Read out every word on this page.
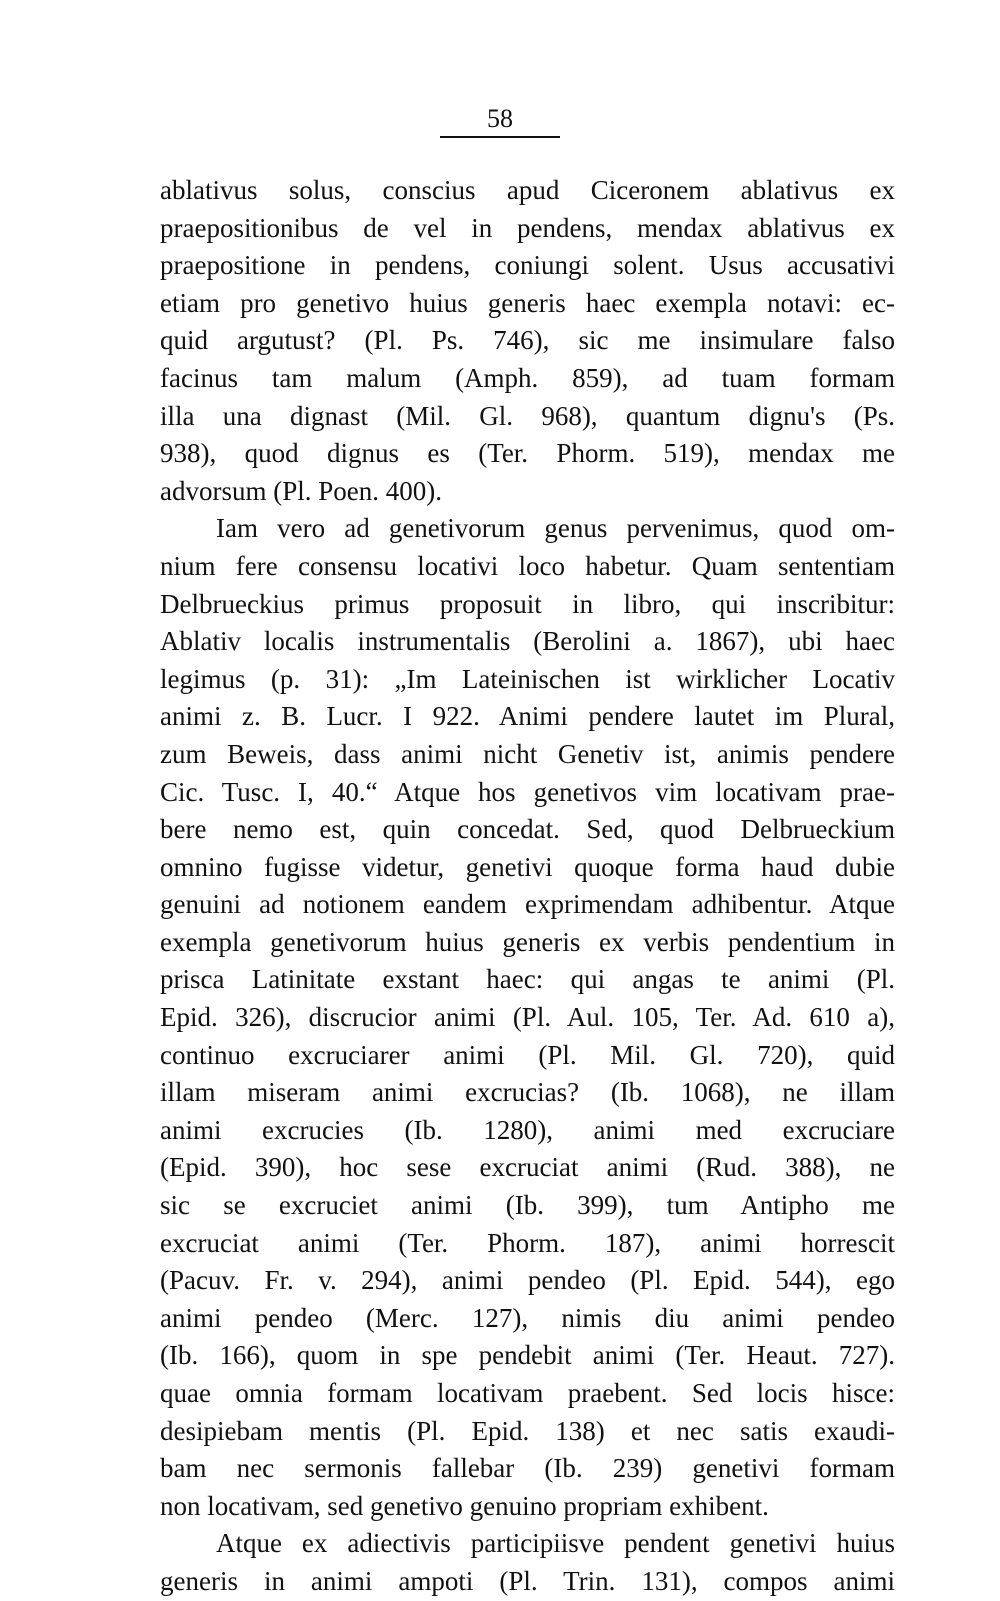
58
ablativus solus, conscius apud Ciceronem ablativus ex
praepositionibus de vel in pendens, mendax ablativus ex
praepositione in pendens, coniungi solent. Usus accusativi
etiam pro genetivo huius generis haec exempla notavi: ec-
quid argutust? (Pl. Ps. 746), sic me insimulare falso
facinus tam malum (Amph. 859), ad tuam formam
illa una dignast (Mil. Gl. 968), quantum dignu's (Ps.
938), quod dignus es (Ter. Phorm. 519), mendax me
advorsum (Pl. Poen. 400).
Iam vero ad genetivorum genus pervenimus, quod om-
nium fere consensu locativi loco habetur. Quam sententiam
Delbrueckius primus proposuit in libro, qui inscribitur:
Ablativ localis instrumentalis (Berolini a. 1867), ubi haec
legimus (p. 31): „Im Lateinischen ist wirklicher Locativ
animi z. B. Lucr. I 922. Animi pendere lautet im Plural,
zum Beweis, dass animi nicht Genetiv ist, animis pendere
Cic. Tusc. I, 40.“ Atque hos genetivos vim locativam prae-
bere nemo est, quin concedat. Sed, quod Delbrueckium
omnino fugisse videtur, genetivi quoque forma haud dubie
genuini ad notionem eandem exprimendam adhibentur. Atque
exempla genetivorum huius generis ex verbis pendentium in
prisca Latinitate exstant haec: qui angas te animi (Pl.
Epid. 326), discrucior animi (Pl. Aul. 105, Ter. Ad. 610 a),
continuo excruciarer animi (Pl. Mil. Gl. 720), quid
illam miseram animi excrucias? (Ib. 1068), ne illam
animi excrucies (Ib. 1280), animi med excruciare
(Epid. 390), hoc sese excruciat animi (Rud. 388), ne
sic se excruciet animi (Ib. 399), tum Antipho me
excruciat animi (Ter. Phorm. 187), animi horrescit
(Pacuv. Fr. v. 294), animi pendeo (Pl. Epid. 544), ego
animi pendeo (Merc. 127), nimis diu animi pendeo
(Ib. 166), quom in spe pendebit animi (Ter. Heaut. 727).
quae omnia formam locativam praebent. Sed locis hisce:
desipiebam mentis (Pl. Epid. 138) et nec satis exaudi-
bam nec sermonis fallebar (Ib. 239) genetivi formam
non locativam, sed genetivo genuino propriam exhibent.
Atque ex adiectivis participiisve pendent genetivi huius
generis in animi ampoti (Pl. Trin. 131), compos animi
